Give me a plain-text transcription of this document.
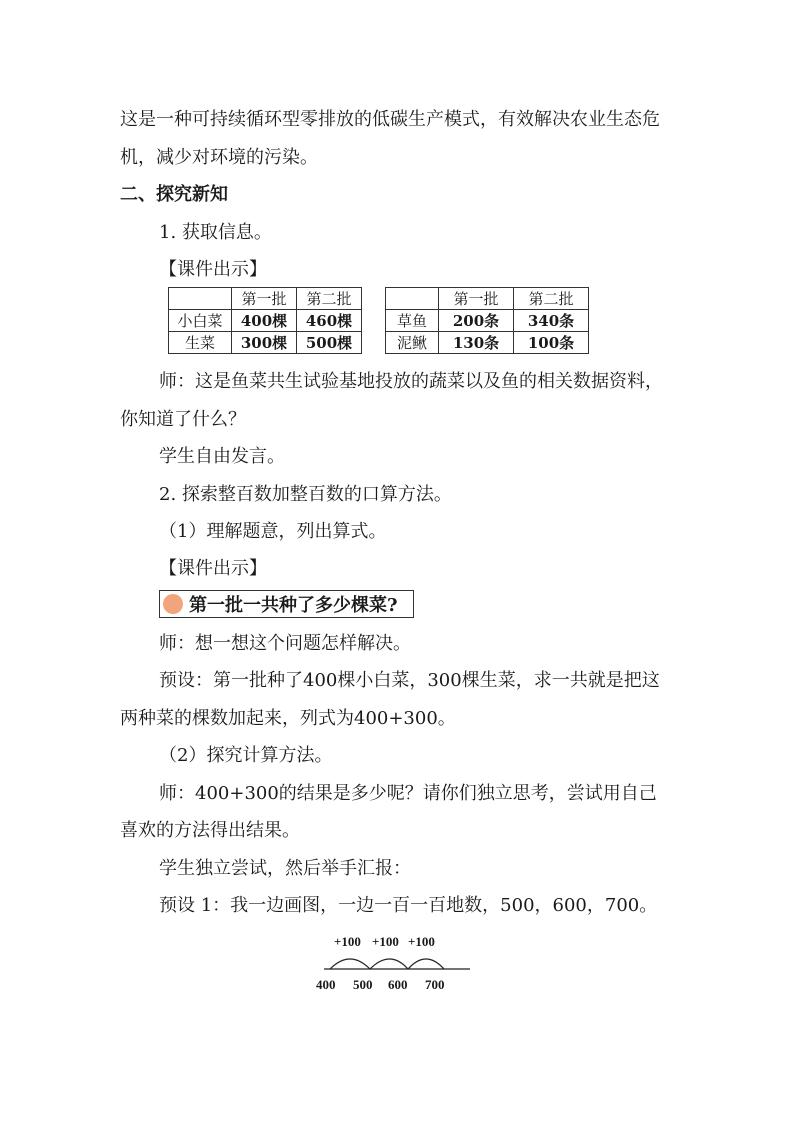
这是一种可持续循环型零排放的低碳生产模式，有效解决农业生态危
机，减少对环境的污染。
二、探究新知
1. 获取信息。
【课件出示】
	第一批	第二批
小白菜	400棵	460棵
生菜	300棵	500棵
	第一批	第二批
草鱼	200条	340条
泥鳅	130条	100条
师：这是鱼菜共生试验基地投放的蔬菜以及鱼的相关数据资料，
你知道了什么？
学生自由发言。
2. 探索整百数加整百数的口算方法。
（1）理解题意，列出算式。
【课件出示】
第一批一共种了多少棵菜?
师：想一想这个问题怎样解决。
预设：第一批种了400棵小白菜，300棵生菜，求一共就是把这
两种菜的棵数加起来，列式为400+300。
（2）探究计算方法。
师：400+300的结果是多少呢？请你们独立思考，尝试用自己
喜欢的方法得出结果。
学生独立尝试，然后举手汇报：
预设 1：我一边画图，一边一百一百地数，500，600，700。
+100 +100 +100
400 500 600 700
